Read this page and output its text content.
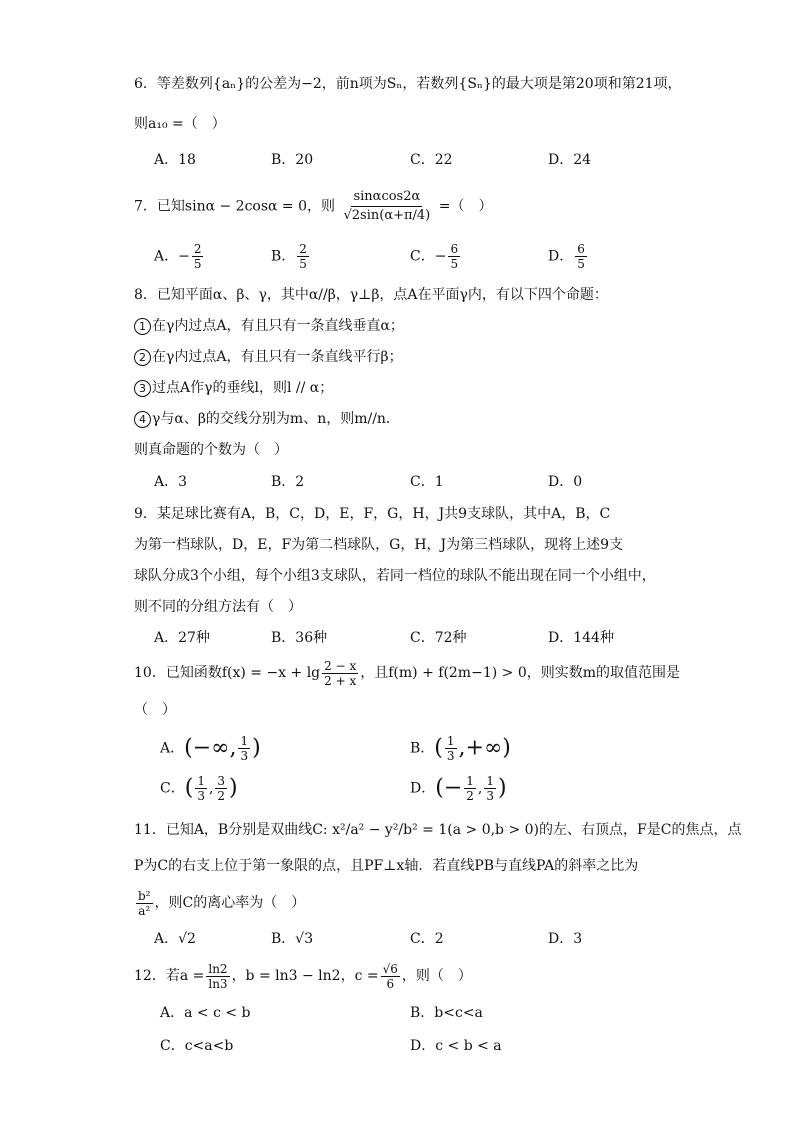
6．等差数列{aₙ}的公差为−2，前n项为Sₙ，若数列{Sₙ}的最大项是第20项和第21项，
则a₁₀ =（　）
A．18	B．20	C．22	D．24
7．已知sinα − 2cosα = 0，则 $\frac{\sin\alpha\cos 2\alpha}{√2\sin(\alpha+\pi/4)}$ =（　）
A．− $\frac{2}{5}$	B． $\frac{2}{5}$	C．− $\frac{6}{5}$	D． $\frac{6}{5}$
8．已知平面α、β、γ，其中α//β，γ⊥β，点A在平面γ内，有以下四个命题：
1 在γ内过点A，有且只有一条直线垂直α；
2 在γ内过点A，有且只有一条直线平行β；
3 过点A作γ的垂线l，则l // α；
4 γ与α、β的交线分别为m、n，则m//n．
则真命题的个数为（　）
A．3	B．2	C．1	D．0
9．某足球比赛有A，B，C，D，E，F，G，H，J共9支球队，其中A，B，C
为第一档球队，D，E，F为第二档球队，G，H，J为第三档球队，现将上述9支
球队分成3个小组，每个小组3支球队，若同一档位的球队不能出现在同一个小组中，
则不同的分组方法有（　）
A．27种	B．36种	C．72种	D．144种
10．已知函数$f(x) = -x + \lg \frac{2 - x}{2 + x}$ ，且f(m) + f(2m−1) > 0，则实数m的取值范围是
（　）
A．(−∞, $\frac{1}{3}$ )	B．( $\frac{1}{3}$ ,+∞)
C．( $\frac{1}{3}$ , $\frac{3}{2}$ )	D．(− $\frac{1}{2}$ , $\frac{1}{3}$ )
11．已知A，B分别是双曲线C: x²/a² − y²/b² = 1(a > 0,b > 0)的左、右顶点，F是C的焦点，点
P为C的右支上位于第一象限的点，且PF⊥x轴．若直线PB与直线PA的斜率之比为
$\frac{\text{b²}}{\text{a²}}$ ，则C的离心率为（　）
A．√2	B．√3	C．2	D．3
12．若$a = \frac{\ln 2}{\ln 3}$ ，b = ln3 − ln2，$c = \frac{√6}{6}$ ，则（　）
A．a < c < b	B．b<c<a
C．c<a<b	D．c < b < a
